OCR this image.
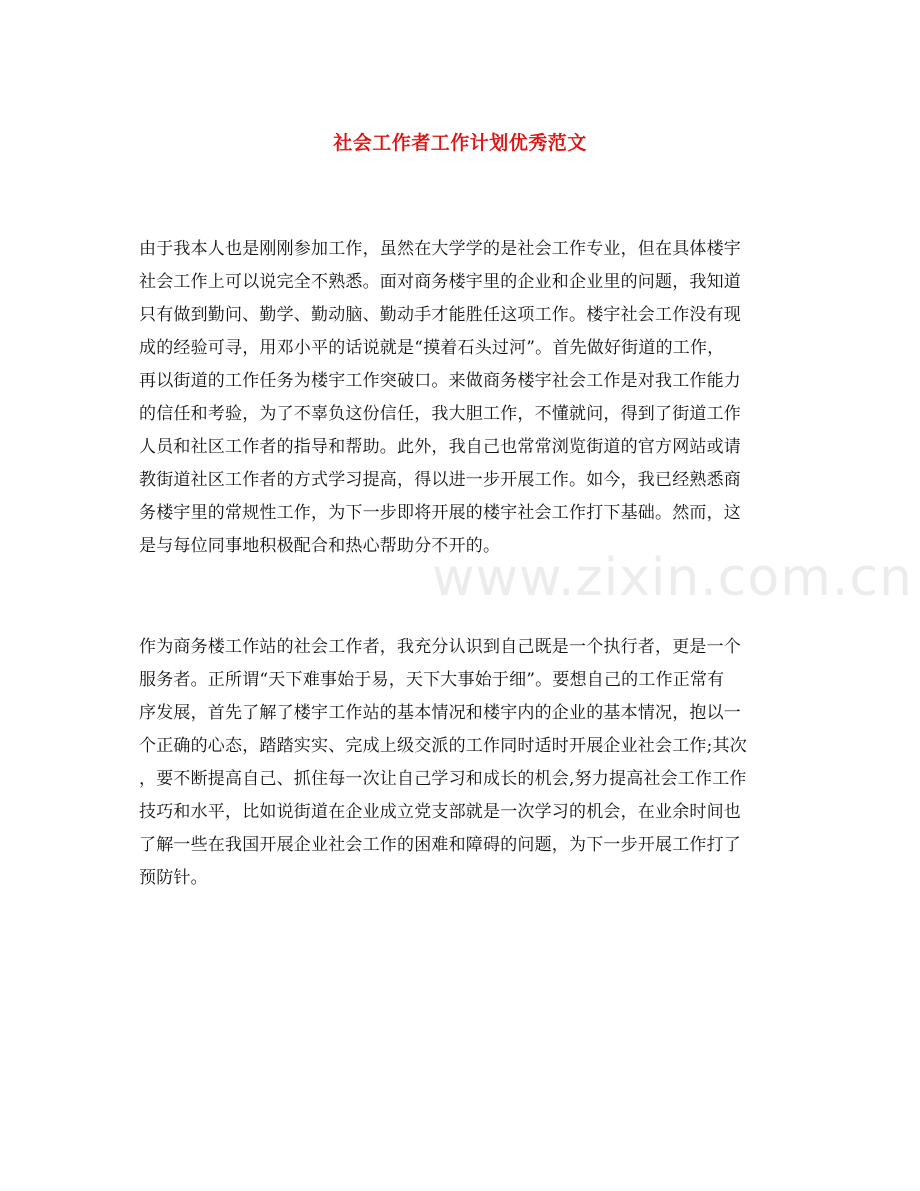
社会工作者工作计划优秀范文
www.zixin.com.cn
由于我本人也是刚刚参加工作，虽然在大学学的是社会工作专业，但在具体楼宇
社会工作上可以说完全不熟悉。面对商务楼宇里的企业和企业里的问题，我知道
只有做到勤问、勤学、勤动脑、勤动手才能胜任这项工作。楼宇社会工作没有现
成的经验可寻，用邓小平的话说就是“摸着石头过河”。首先做好街道的工作，
再以街道的工作任务为楼宇工作突破口。来做商务楼宇社会工作是对我工作能力
的信任和考验，为了不辜负这份信任，我大胆工作，不懂就问，得到了街道工作
人员和社区工作者的指导和帮助。此外，我自己也常常浏览街道的官方网站或请
教街道社区工作者的方式学习提高，得以进一步开展工作。如今，我已经熟悉商
务楼宇里的常规性工作，为下一步即将开展的楼宇社会工作打下基础。然而，这
是与每位同事地积极配合和热心帮助分不开的。
作为商务楼工作站的社会工作者，我充分认识到自己既是一个执行者，更是一个
服务者。正所谓“天下难事始于易，天下大事始于细”。要想自己的工作正常有
序发展，首先了解了楼宇工作站的基本情况和楼宇内的企业的基本情况，抱以一
个正确的心态，踏踏实实、完成上级交派的工作同时适时开展企业社会工作;其次
，要不断提高自己、抓住每一次让自己学习和成长的机会,努力提高社会工作工作
技巧和水平，比如说街道在企业成立党支部就是一次学习的机会，在业余时间也
了解一些在我国开展企业社会工作的困难和障碍的问题，为下一步开展工作打了
预防针。
